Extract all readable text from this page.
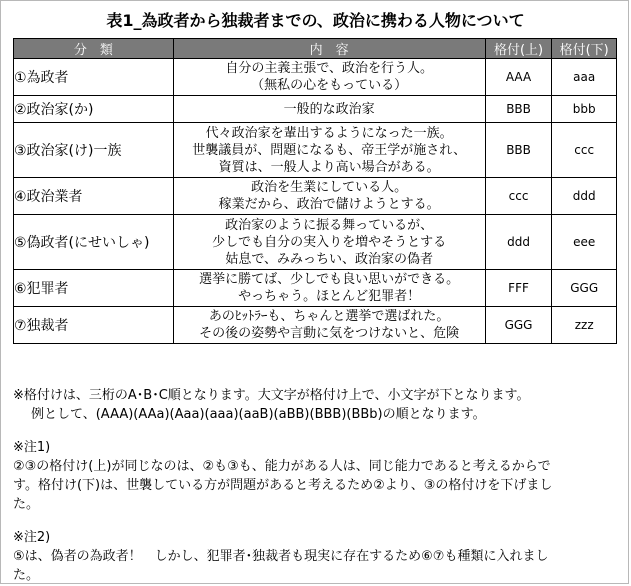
表1_為政者から独裁者までの、政治に携わる人物について
分　類	内　容	格付(上)	格付(下)
①為政者	自分の主義主張で、政治を行う人。
（無私の心をもっている）	AAA	aaa
②政治家(か)	一般的な政治家	BBB	bbb
③政治家(け)一族	代々政治家を輩出するようになった一族。
世襲議員が、問題になるも、帝王学が施され、
資質は、一般人より高い場合がある。	BBB	ccc
④政治業者	政治を生業にしている人。
稼業だから、政治で儲けようとする。	ccc	ddd
⑤偽政者(にせいしゃ)	政治家のように振る舞っているが、
少しでも自分の実入りを増やそうとする
姑息で、みみっちい、政治家の偽者	ddd	eee
⑥犯罪者	選挙に勝てば、少しでも良い思いができる。
やっちゃう。ほとんど犯罪者！	FFF	GGG
⑦独裁者	あのﾋｯﾄﾗｰも、ちゃんと選挙で選ばれた。
その後の姿勢や言動に気をつけないと、危険	GGG	zzz

※格付けは、三桁のA･B･C順となります。大文字が格付け上で、小文字が下となります。

例として、(AAA)(AAa)(Aaa)(aaa)(aaB)(aBB)(BBB)(BBb)の順となります。

※注1)

②③の格付け(上)が同じなのは、②も③も、能力がある人は、同じ能力であると考えるからで

す。格付け(下)は、世襲している方が問題があると考えるため②より、③の格付けを下げまし

た。

※注2)

⑤は、偽者の為政者！　しかし、犯罪者･独裁者も現実に存在するため⑥⑦も種類に入れまし

た。
